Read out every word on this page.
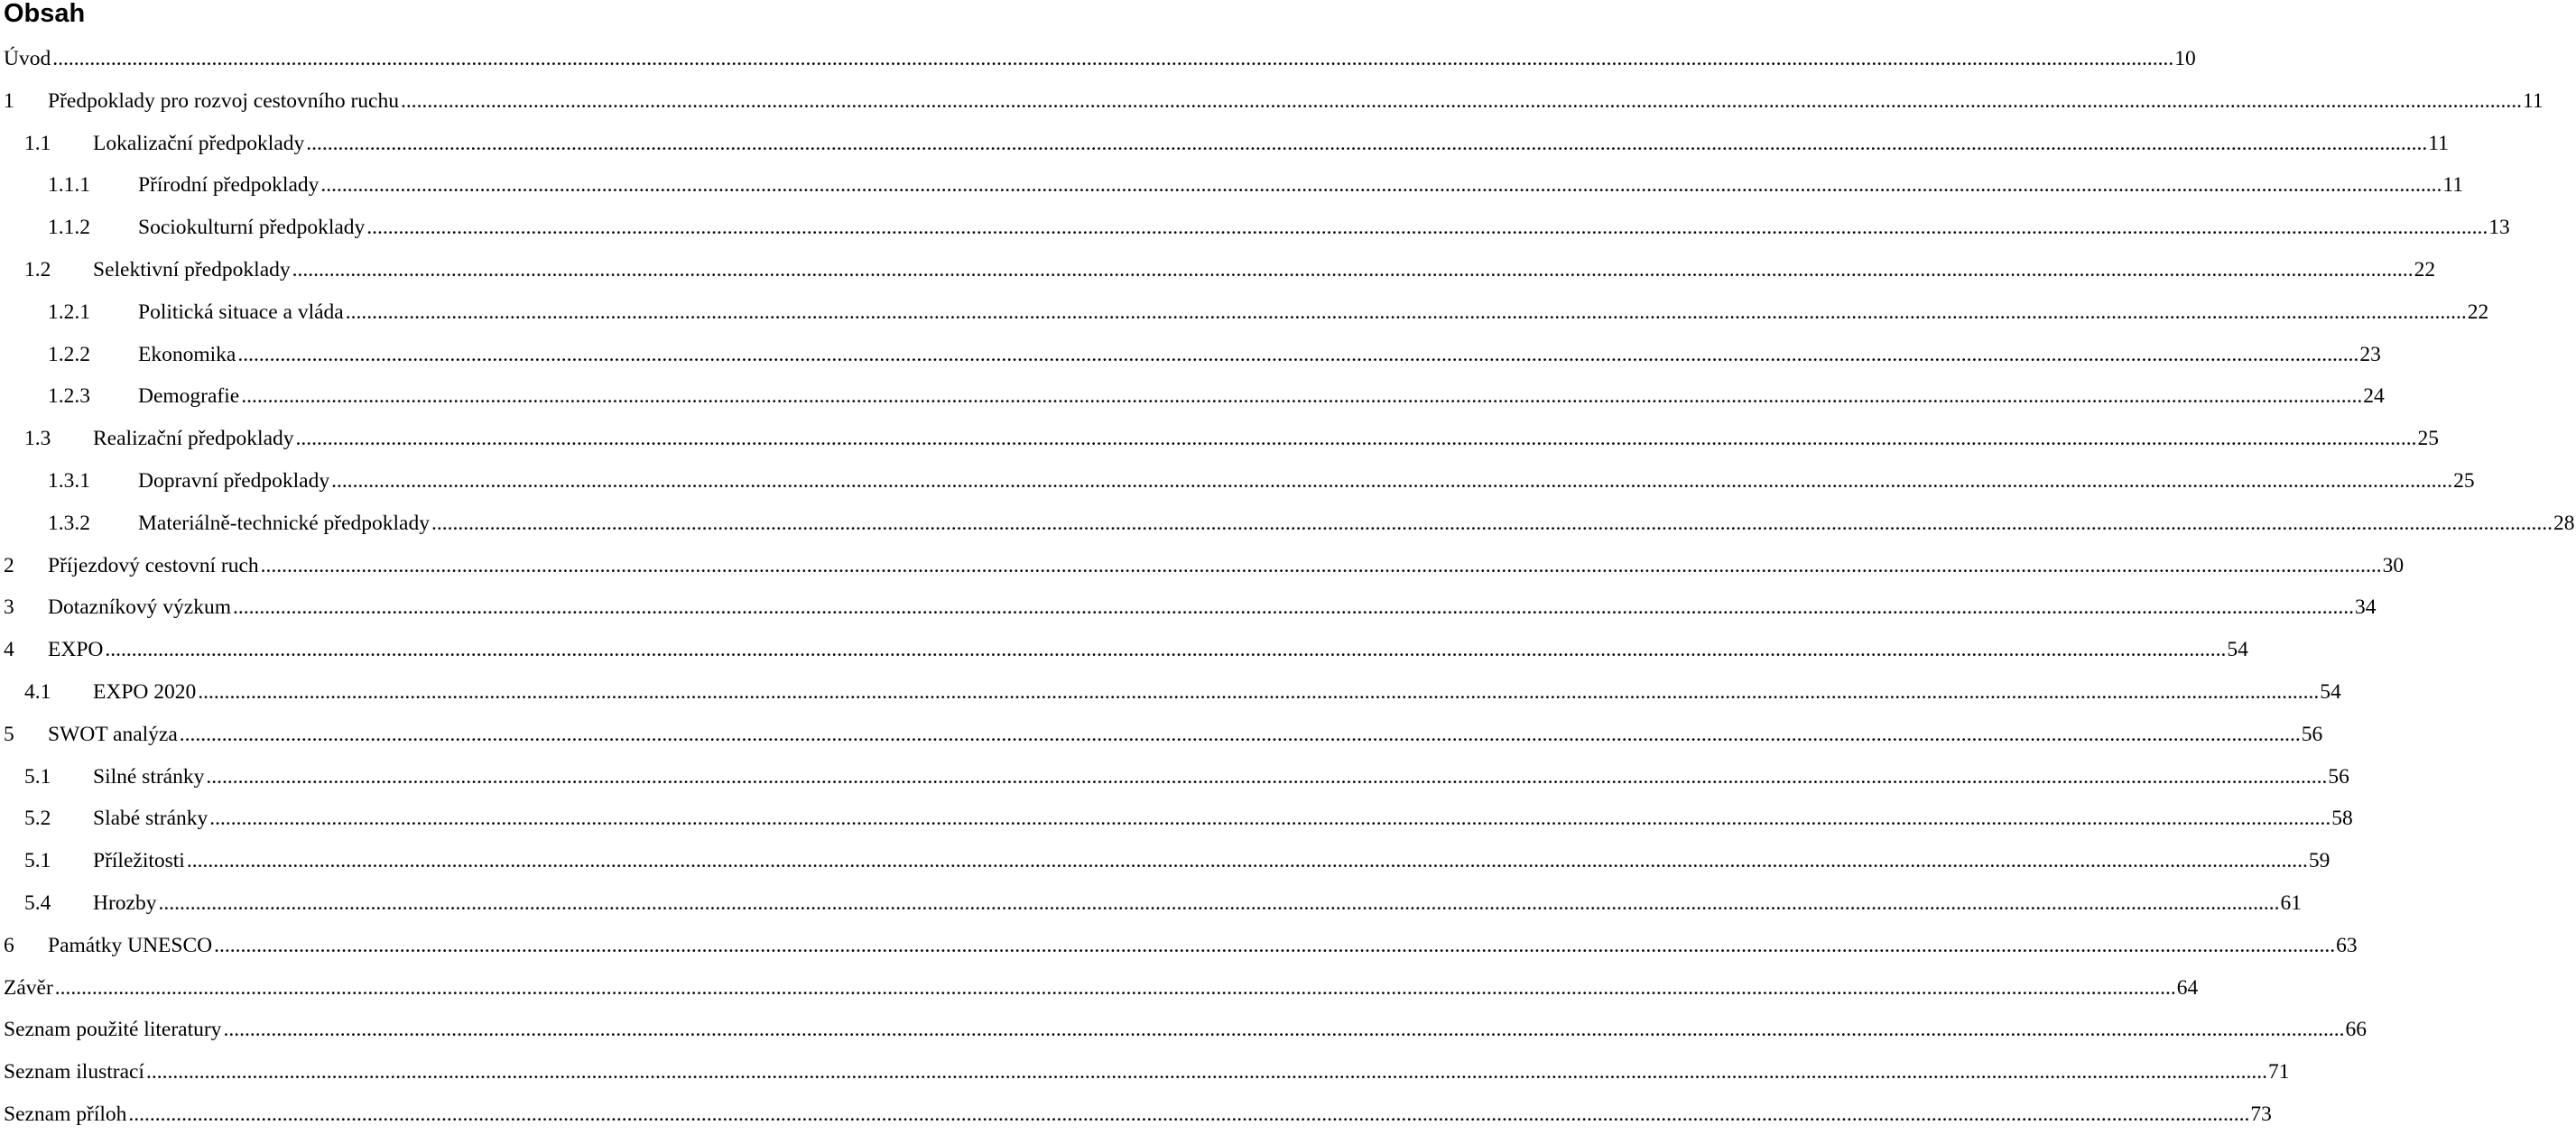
Obsah
Úvod ................................................................................................................................................................................................................................................................................................................................................................................................................ 10
1 Předpoklady pro rozvoj cestovního ruchu ................................................................................................................................................................................................................................................................................................................................................................................................................ 11
1.1 Lokalizační předpoklady ................................................................................................................................................................................................................................................................................................................................................................................................................ 11
1.1.1 Přírodní předpoklady ................................................................................................................................................................................................................................................................................................................................................................................................................ 11
1.1.2 Sociokulturní předpoklady ................................................................................................................................................................................................................................................................................................................................................................................................................ 13
1.2 Selektivní předpoklady ................................................................................................................................................................................................................................................................................................................................................................................................................ 22
1.2.1 Politická situace a vláda ................................................................................................................................................................................................................................................................................................................................................................................................................ 22
1.2.2 Ekonomika ................................................................................................................................................................................................................................................................................................................................................................................................................ 23
1.2.3 Demografie ................................................................................................................................................................................................................................................................................................................................................................................................................ 24
1.3 Realizační předpoklady ................................................................................................................................................................................................................................................................................................................................................................................................................ 25
1.3.1 Dopravní předpoklady ................................................................................................................................................................................................................................................................................................................................................................................................................ 25
1.3.2 Materiálně-technické předpoklady ................................................................................................................................................................................................................................................................................................................................................................................................................ 28
2 Příjezdový cestovní ruch ................................................................................................................................................................................................................................................................................................................................................................................................................ 30
3 Dotazníkový výzkum ................................................................................................................................................................................................................................................................................................................................................................................................................ 34
4 EXPO ................................................................................................................................................................................................................................................................................................................................................................................................................ 54
4.1 EXPO 2020 ................................................................................................................................................................................................................................................................................................................................................................................................................ 54
5 SWOT analýza ................................................................................................................................................................................................................................................................................................................................................................................................................ 56
5.1 Silné stránky ................................................................................................................................................................................................................................................................................................................................................................................................................ 56
5.2 Slabé stránky ................................................................................................................................................................................................................................................................................................................................................................................................................ 58
5.1 Příležitosti ................................................................................................................................................................................................................................................................................................................................................................................................................ 59
5.4 Hrozby ................................................................................................................................................................................................................................................................................................................................................................................................................ 61
6 Památky UNESCO ................................................................................................................................................................................................................................................................................................................................................................................................................ 63
Závěr ................................................................................................................................................................................................................................................................................................................................................................................................................ 64
Seznam použité literatury ................................................................................................................................................................................................................................................................................................................................................................................................................ 66
Seznam ilustrací ................................................................................................................................................................................................................................................................................................................................................................................................................ 71
Seznam příloh ................................................................................................................................................................................................................................................................................................................................................................................................................ 73
